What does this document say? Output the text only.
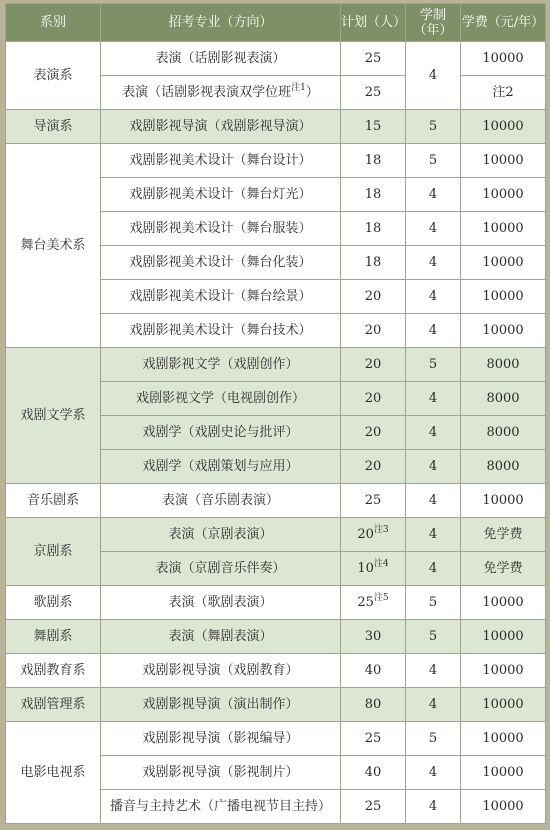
系别	招考专业（方向）	计划（人）	学制（年）	学费（元/年）
表演系	表演（话剧影视表演）	25	4	10000
	表演（话剧影视表演双学位班$^{注1}$）	25		注2
导演系	戏剧影视导演（戏剧影视导演）	15	5	10000
舞台美术系	戏剧影视美术设计（舞台设计）	18	5	10000
	戏剧影视美术设计（舞台灯光）	18	4	10000
	戏剧影视美术设计（舞台服装）	18	4	10000
	戏剧影视美术设计（舞台化装）	18	4	10000
	戏剧影视美术设计（舞台绘景）	20	4	10000
	戏剧影视美术设计（舞台技术）	20	4	10000
戏剧文学系	戏剧影视文学（戏剧创作）	20	5	8000
	戏剧影视文学（电视剧创作）	20	4	8000
	戏剧学（戏剧史论与批评）	20	4	8000
	戏剧学（戏剧策划与应用）	20	4	8000
音乐剧系	表演（音乐剧表演）	25	4	10000
京剧系	表演（京剧表演）	20$^{注3}$	4	免学费
	表演（京剧音乐伴奏）	10$^{注4}$	4	免学费
歌剧系	表演（歌剧表演）	25$^{注5}$	5	10000
舞剧系	表演（舞剧表演）	30	5	10000
戏剧教育系	戏剧影视导演（戏剧教育）	40	4	10000
戏剧管理系	戏剧影视导演（演出制作）	80	4	10000
电影电视系	戏剧影视导演（影视编导）	25	5	10000
	戏剧影视导演（影视制片）	40	4	10000
	播音与主持艺术（广播电视节目主持）	25	4	10000
